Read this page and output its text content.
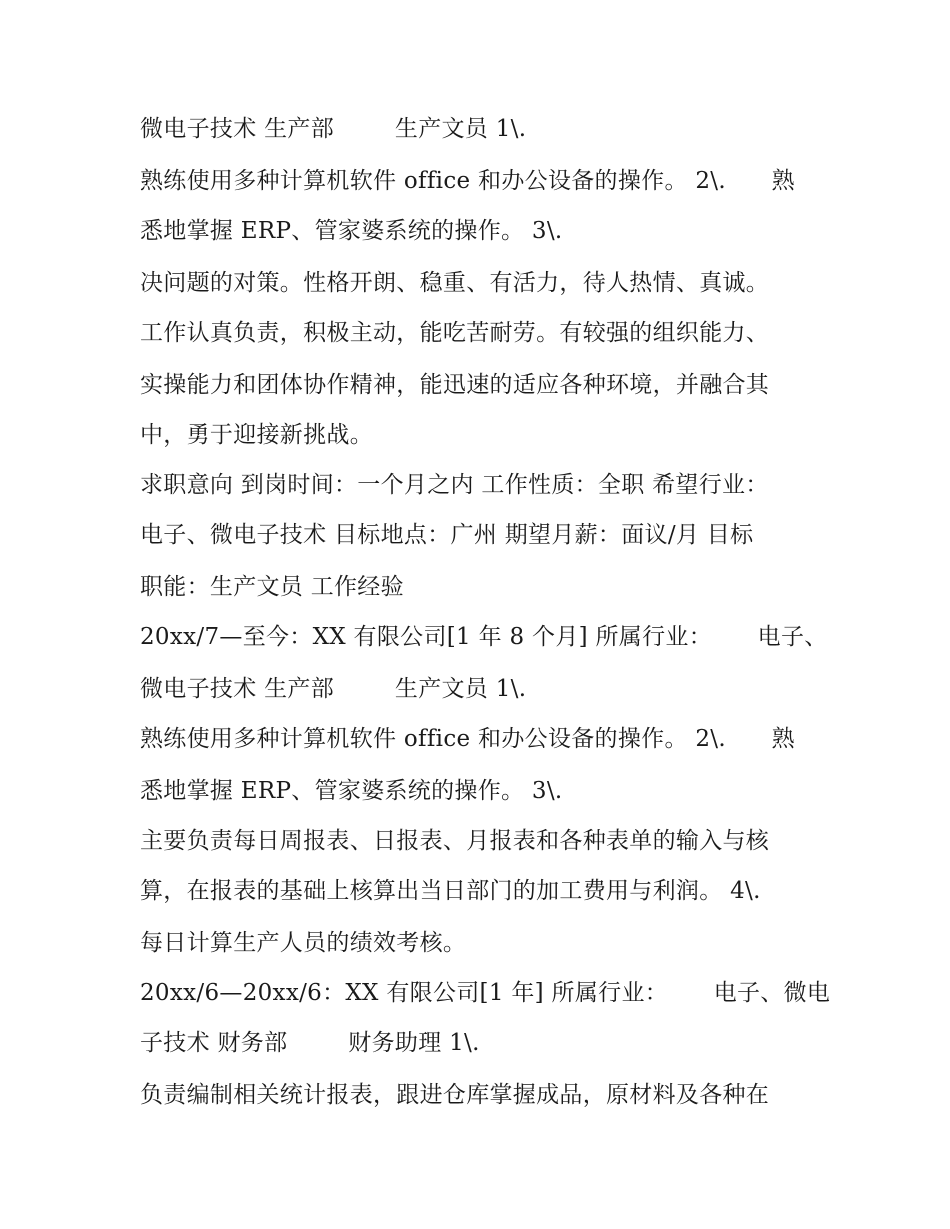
微电子技术 生产部        生产文员 1\.
熟练使用多种计算机软件 office 和办公设备的操作。 2\.      熟
悉地掌握 ERP、管家婆系统的操作。 3\.
决问题的对策。性格开朗、稳重、有活力，待人热情、真诚。
工作认真负责，积极主动，能吃苦耐劳。有较强的组织能力、
实操能力和团体协作精神，能迅速的适应各种环境，并融合其
中，勇于迎接新挑战。
求职意向 到岗时间：一个月之内 工作性质：全职 希望行业：
电子、微电子技术 目标地点：广州 期望月薪：面议/月 目标
职能：生产文员 工作经验
20xx/7—至今：XX 有限公司[1 年 8 个月] 所属行业：      电子、
微电子技术 生产部        生产文员 1\.
熟练使用多种计算机软件 office 和办公设备的操作。 2\.      熟
悉地掌握 ERP、管家婆系统的操作。 3\.
主要负责每日周报表、日报表、月报表和各种表单的输入与核
算，在报表的基础上核算出当日部门的加工费用与利润。 4\.
每日计算生产人员的绩效考核。
20xx/6—20xx/6：XX 有限公司[1 年] 所属行业：      电子、微电
子技术 财务部        财务助理 1\.
负责编制相关统计报表，跟进仓库掌握成品，原材料及各种在
